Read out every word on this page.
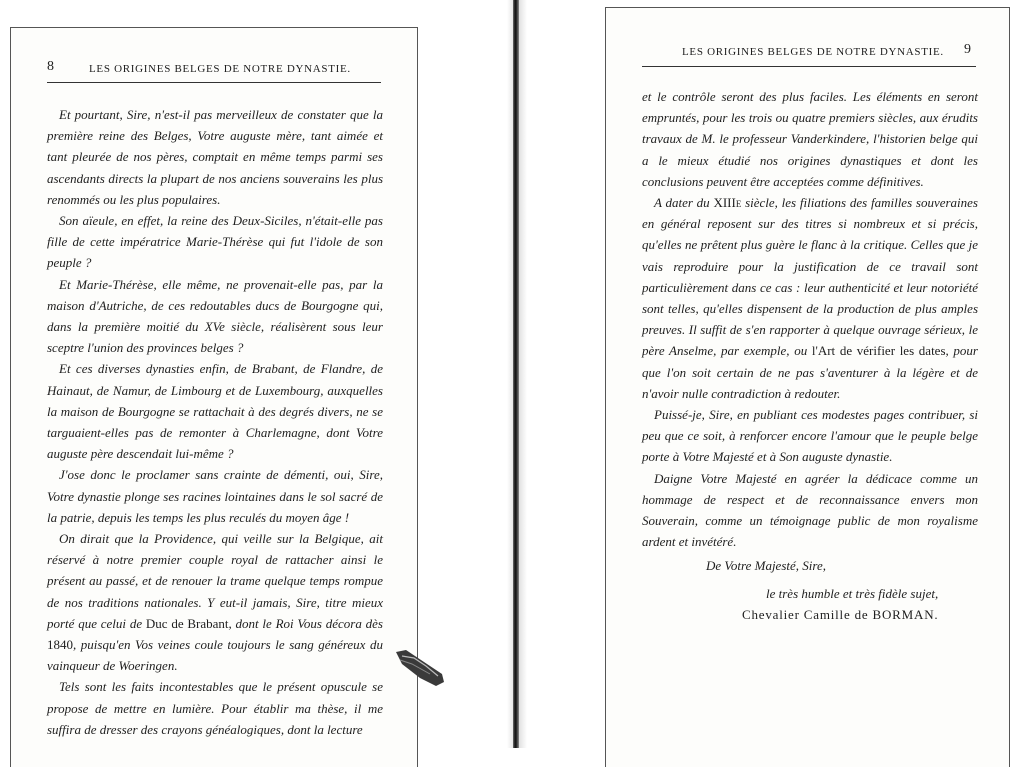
8	LES ORIGINES BELGES DE NOTRE DYNASTIE.

Et pourtant, Sire, n'est-il pas merveilleux de constater que la première reine des Belges, Votre auguste mère, tant aimée et tant pleurée de nos pères, comptait en même temps parmi ses ascendants directs la plupart de nos anciens souverains les plus renommés ou les plus populaires.

Son aïeule, en effet, la reine des Deux-Siciles, n'était-elle pas fille de cette impératrice Marie-Thérèse qui fut l'idole de son peuple ?

Et Marie-Thérèse, elle même, ne provenait-elle pas, par la maison d'Autriche, de ces redoutables ducs de Bourgogne qui, dans la première moitié du XVe siècle, réalisèrent sous leur sceptre l'union des provinces belges ?

Et ces diverses dynasties enfin, de Brabant, de Flandre, de Hainaut, de Namur, de Limbourg et de Luxembourg, auxquelles la maison de Bourgogne se rattachait à des degrés divers, ne se targuaient-elles pas de remonter à Charlemagne, dont Votre auguste père descendait lui-même ?

J'ose donc le proclamer sans crainte de démenti, oui, Sire, Votre dynastie plonge ses racines lointaines dans le sol sacré de la patrie, depuis les temps les plus reculés du moyen âge !

On dirait que la Providence, qui veille sur la Belgique, ait réservé à notre premier couple royal de rattacher ainsi le présent au passé, et de renouer la trame quelque temps rompue de nos traditions nationales. Y eut-il jamais, Sire, titre mieux porté que celui de Duc de Brabant, dont le Roi Vous décora dès 1840, puisqu'en Vos veines coule toujours le sang généreux du vainqueur de Woeringen.

Tels sont les faits incontestables que le présent opuscule se propose de mettre en lumière. Pour établir ma thèse, il me suffira de dresser des crayons généalogiques, dont la lecture

LES ORIGINES BELGES DE NOTRE DYNASTIE. 9

et le contrôle seront des plus faciles. Les éléments en seront empruntés, pour les trois ou quatre premiers siècles, aux érudits travaux de M. le professeur Vanderkindere, l'historien belge qui a le mieux étudié nos origines dynastiques et dont les conclusions peuvent être acceptées comme définitives.

A dater du XIIIe siècle, les filiations des familles souveraines en général reposent sur des titres si nombreux et si précis, qu'elles ne prêtent plus guère le flanc à la critique. Celles que je vais reproduire pour la justification de ce travail sont particulièrement dans ce cas : leur authenticité et leur notoriété sont telles, qu'elles dispensent de la production de plus amples preuves. Il suffit de s'en rapporter à quelque ouvrage sérieux, le père Anselme, par exemple, ou l'Art de vérifier les dates, pour que l'on soit certain de ne pas s'aventurer à la légère et de n'avoir nulle contradiction à redouter.

Puissé-je, Sire, en publiant ces modestes pages contribuer, si peu que ce soit, à renforcer encore l'amour que le peuple belge porte à Votre Majesté et à Son auguste dynastie.

Daigne Votre Majesté en agréer la dédicace comme un hommage de respect et de reconnaissance envers mon Souverain, comme un témoignage public de mon royalisme ardent et invétéré.

De Votre Majesté, Sire,
le très humble et très fidèle sujet,
Chevalier Camille de BORMAN.
